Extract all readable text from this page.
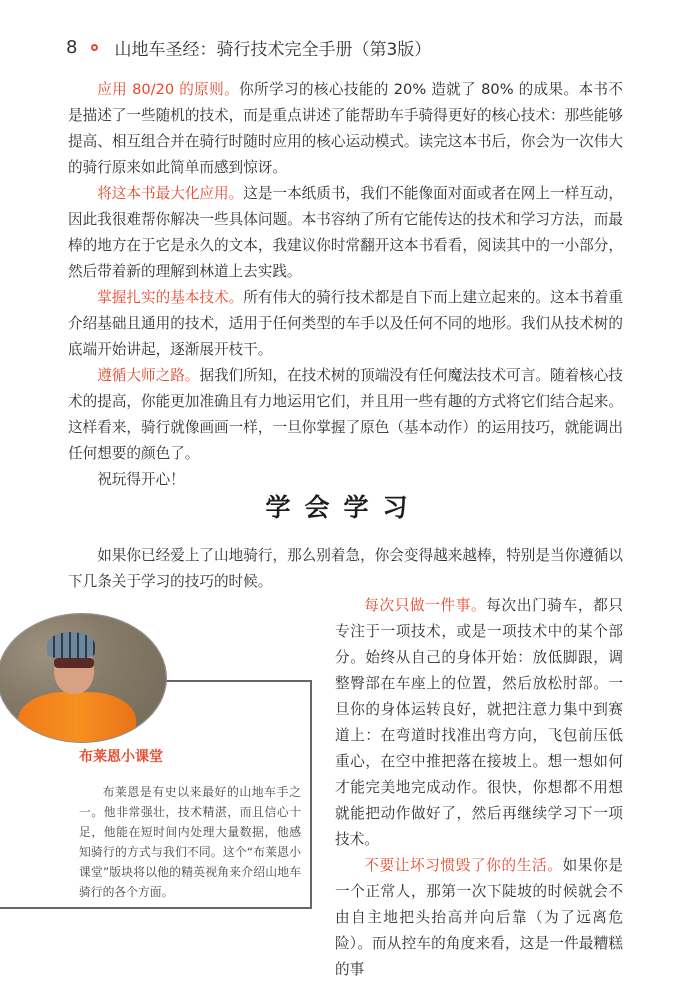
8 山地车圣经：骑行技术完全手册（第3版）

应用 80/20 的原则。你所学习的核心技能的 20% 造就了 80% 的成果。本书不是描述了一些随机的技术，而是重点讲述了能帮助车手骑得更好的核心技术：那些能够提高、相互组合并在骑行时随时应用的核心运动模式。读完这本书后，你会为一次伟大的骑行原来如此简单而感到惊讶。

将这本书最大化应用。这是一本纸质书，我们不能像面对面或者在网上一样互动，因此我很难帮你解决一些具体问题。本书容纳了所有它能传达的技术和学习方法，而最棒的地方在于它是永久的文本，我建议你时常翻开这本书看看，阅读其中的一小部分，然后带着新的理解到林道上去实践。

掌握扎实的基本技术。所有伟大的骑行技术都是自下而上建立起来的。这本书着重介绍基础且通用的技术，适用于任何类型的车手以及任何不同的地形。我们从技术树的底端开始讲起，逐渐展开枝干。

遵循大师之路。据我们所知，在技术树的顶端没有任何魔法技术可言。随着核心技术的提高，你能更加准确且有力地运用它们，并且用一些有趣的方式将它们结合起来。这样看来，骑行就像画画一样，一旦你掌握了原色（基本动作）的运用技巧，就能调出任何想要的颜色了。

祝玩得开心！

学会学习

如果你已经爱上了山地骑行，那么别着急，你会变得越来越棒，特别是当你遵循以下几条关于学习的技巧的时候。

每次只做一件事。每次出门骑车，都只专注于一项技术，或是一项技术中的某个部分。始终从自己的身体开始：放低脚跟，调整臀部在车座上的位置，然后放松肘部。一旦你的身体运转良好，就把注意力集中到赛道上：在弯道时找准出弯方向，飞包前压低重心，在空中推把落在接坡上。想一想如何才能完美地完成动作。很快，你想都不用想就能把动作做好了，然后再继续学习下一项技术。

不要让坏习惯毁了你的生活。如果你是一个正常人，那第一次下陡坡的时候就会不由自主地把头抬高并向后靠（为了远离危险）。而从控车的角度来看，这是一件最糟糕的事

布莱恩小课堂

布莱恩是有史以来最好的山地车手之一。他非常强壮，技术精湛，而且信心十足，他能在短时间内处理大量数据，他感知骑行的方式与我们不同。这个“布莱恩小课堂”版块将以他的精英视角来介绍山地车骑行的各个方面。
